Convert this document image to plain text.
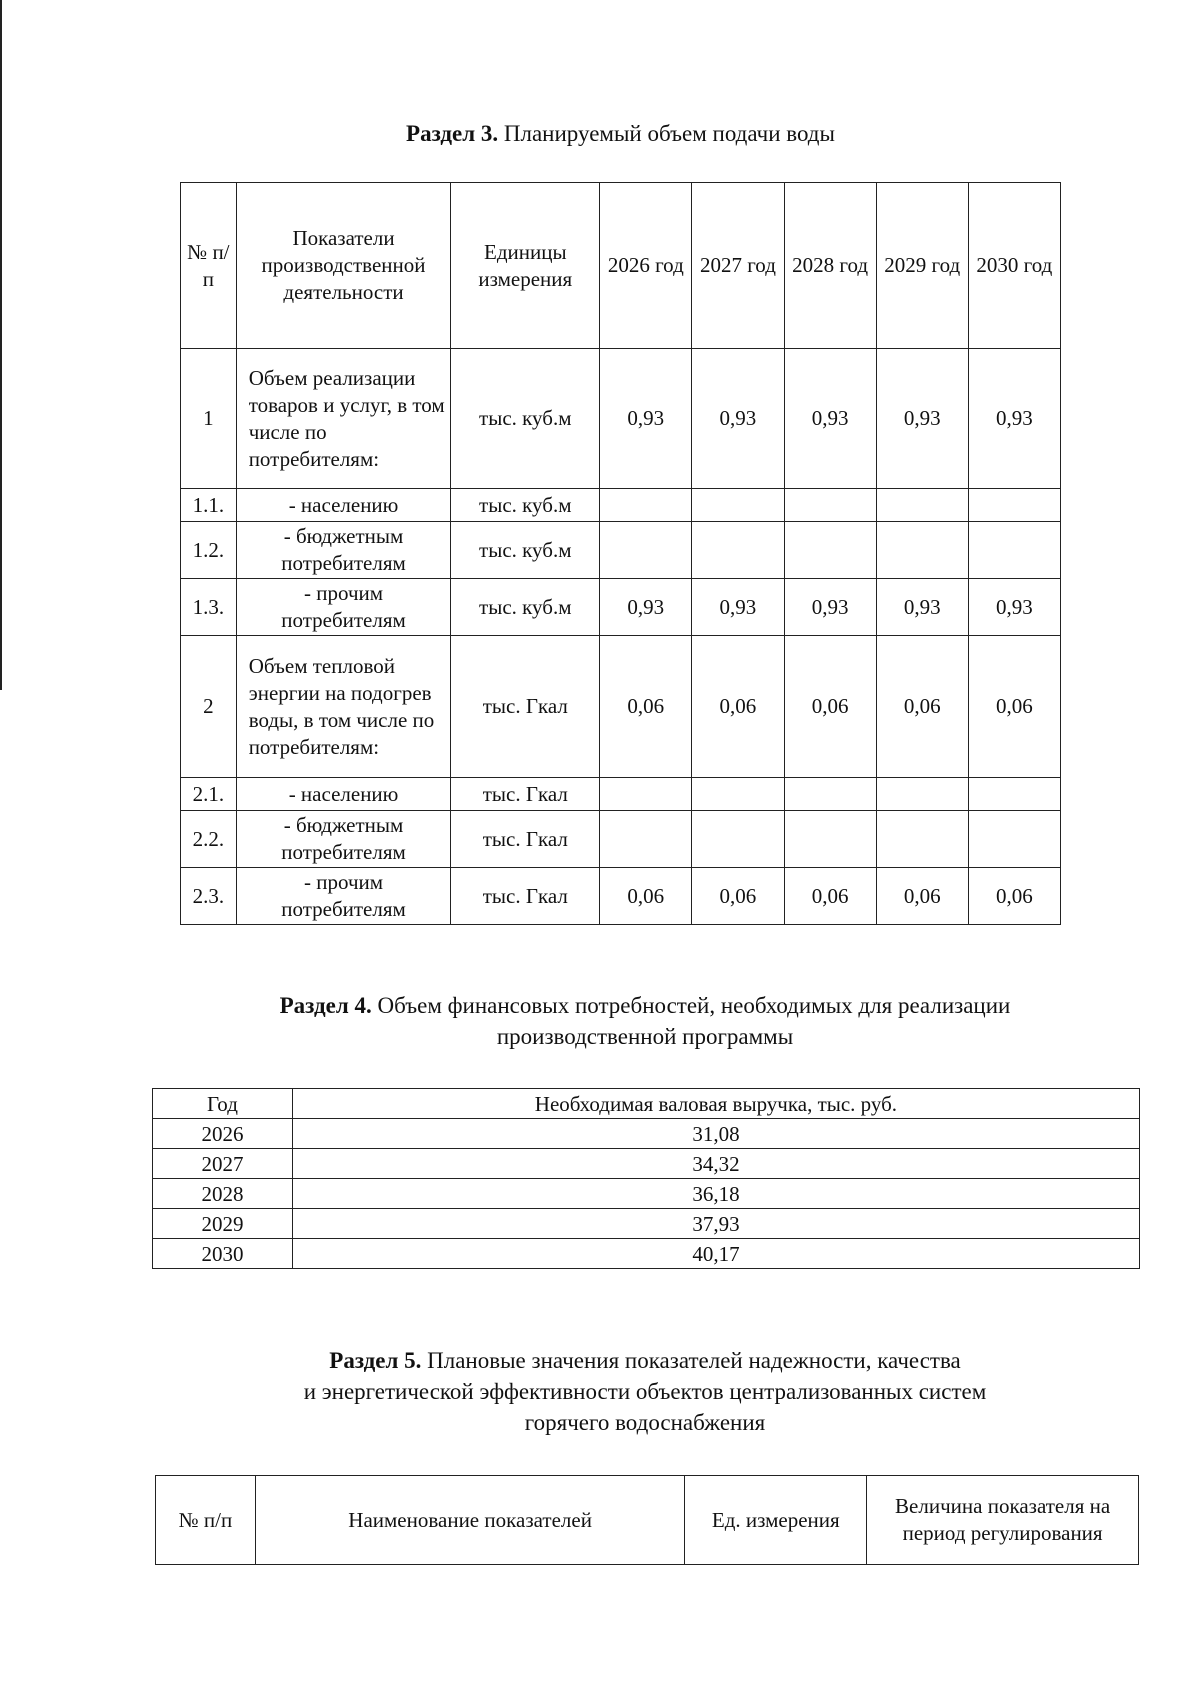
Раздел 3. Планируемый объем подачи воды
№ п/п	Показатели производственной деятельности	Единицы измерения	2026 год	2027 год	2028 год	2029 год	2030 год
1	Объем реализации товаров и услуг, в том числе по потребителям:	тыс. куб.м	0,93	0,93	0,93	0,93	0,93
1.1.	- населению	тыс. куб.м					
1.2.	- бюджетным потребителям	тыс. куб.м					
1.3.	- прочим потребителям	тыс. куб.м	0,93	0,93	0,93	0,93	0,93
2	Объем тепловой энергии на подогрев воды, в том числе по потребителям:	тыс. Гкал	0,06	0,06	0,06	0,06	0,06
2.1.	- населению	тыс. Гкал					
2.2.	- бюджетным потребителям	тыс. Гкал					
2.3.	- прочим потребителям	тыс. Гкал	0,06	0,06	0,06	0,06	0,06
Раздел 4. Объем финансовых потребностей, необходимых для реализации
производственной программы
Год	Необходимая валовая выручка, тыс. руб.
2026	31,08
2027	34,32
2028	36,18
2029	37,93
2030	40,17
Раздел 5. Плановые значения показателей надежности, качества
и энергетической эффективности объектов централизованных систем
горячего водоснабжения
№ п/п	Наименование показателей	Ед. измерения	Величина показателя на период регулирования
